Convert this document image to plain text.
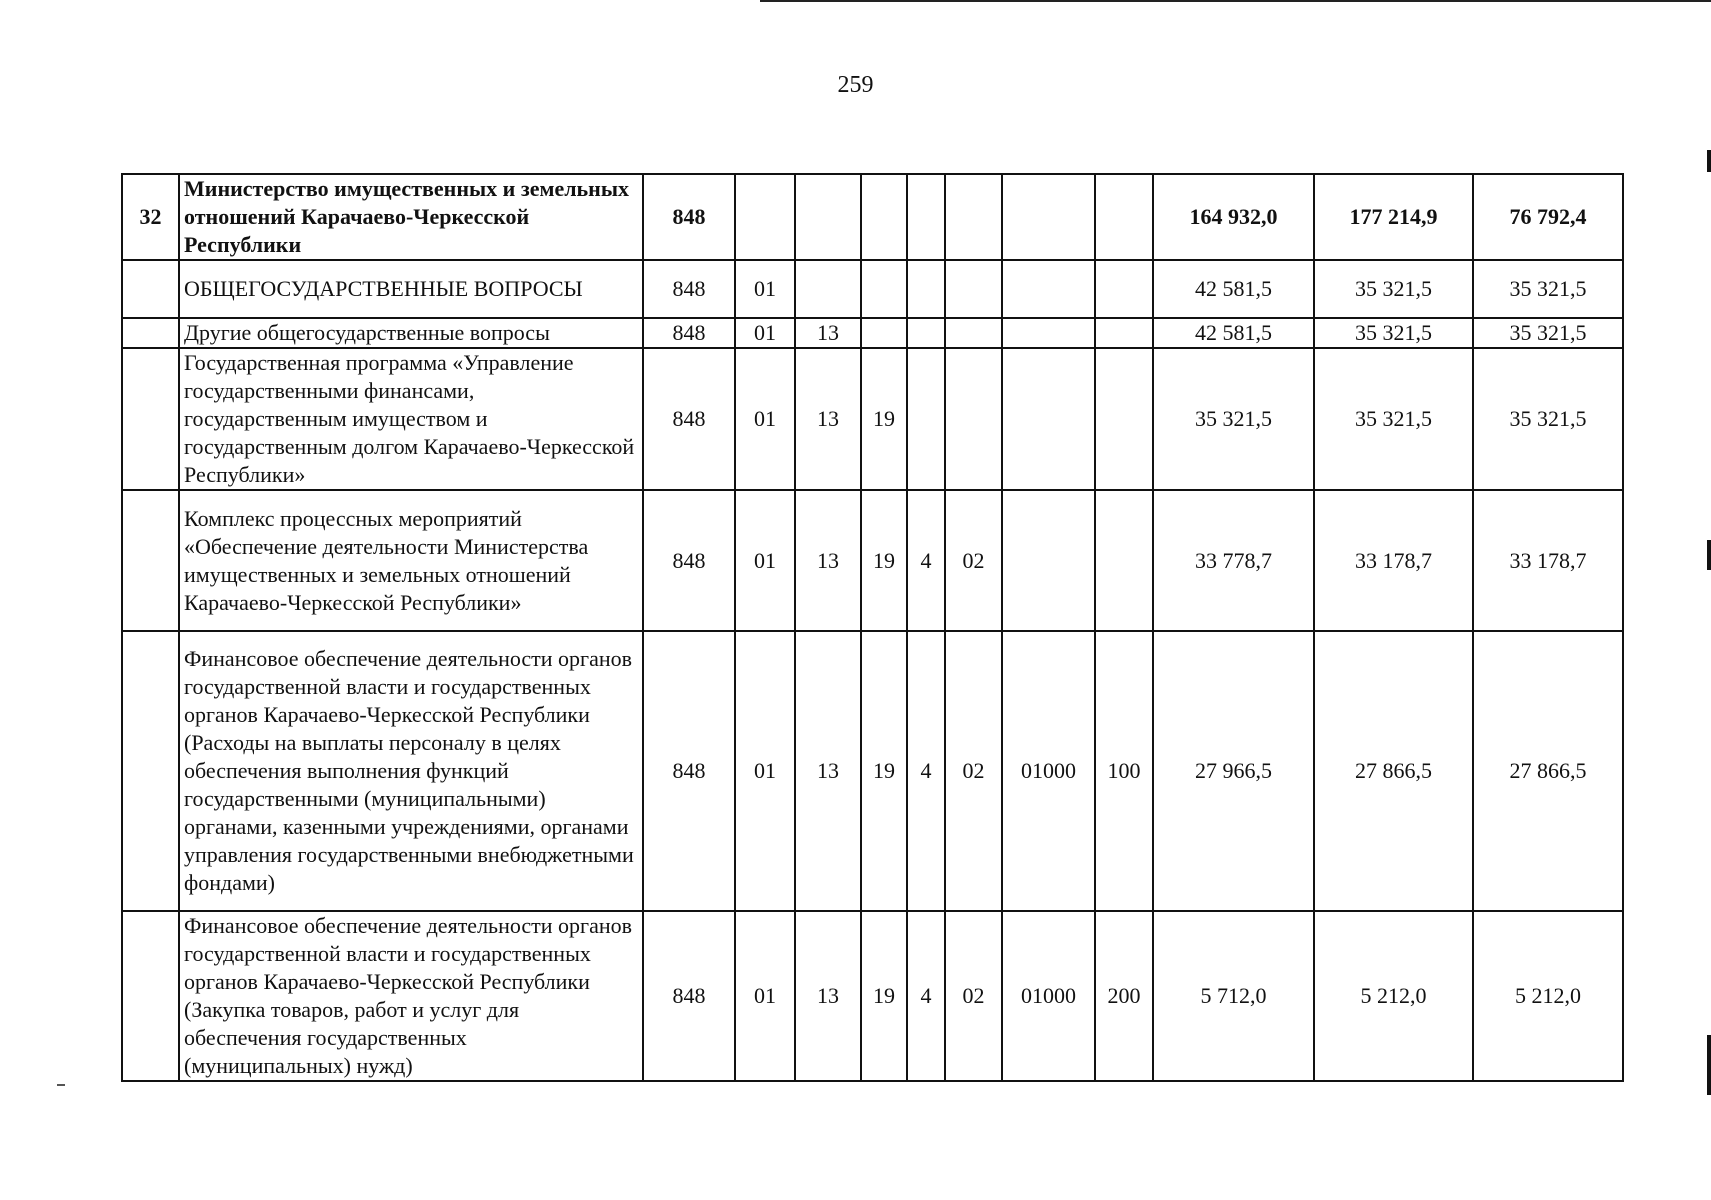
259
32	Министерство имущественных и земельных отношений Карачаево-Черкесской Республики	848								164 932,0	177 214,9	76 792,4
	ОБЩЕГОСУДАРСТВЕННЫЕ ВОПРОСЫ	848	01							42 581,5	35 321,5	35 321,5
	Другие общегосударственные вопросы	848	01	13						42 581,5	35 321,5	35 321,5
	Государственная программа «Управление государственными финансами, государственным имуществом и государственным долгом Карачаево-Черкесской Республики»	848	01	13	19					35 321,5	35 321,5	35 321,5
	Комплекс процессных мероприятий «Обеспечение деятельности Министерства имущественных и земельных отношений Карачаево-Черкесской Республики»	848	01	13	19	4	02			33 778,7	33 178,7	33 178,7
	Финансовое обеспечение деятельности органов государственной власти и государственных органов Карачаево-Черкесской Республики (Расходы на выплаты персоналу в целях обеспечения выполнения функций государственными (муниципальными) органами, казенными учреждениями, органами управления государственными внебюджетными фондами)	848	01	13	19	4	02	01000	100	27 966,5	27 866,5	27 866,5
	Финансовое обеспечение деятельности органов государственной власти и государственных органов Карачаево-Черкесской Республики (Закупка товаров, работ и услуг для обеспечения государственных (муниципальных) нужд)	848	01	13	19	4	02	01000	200	5 712,0	5 212,0	5 212,0
